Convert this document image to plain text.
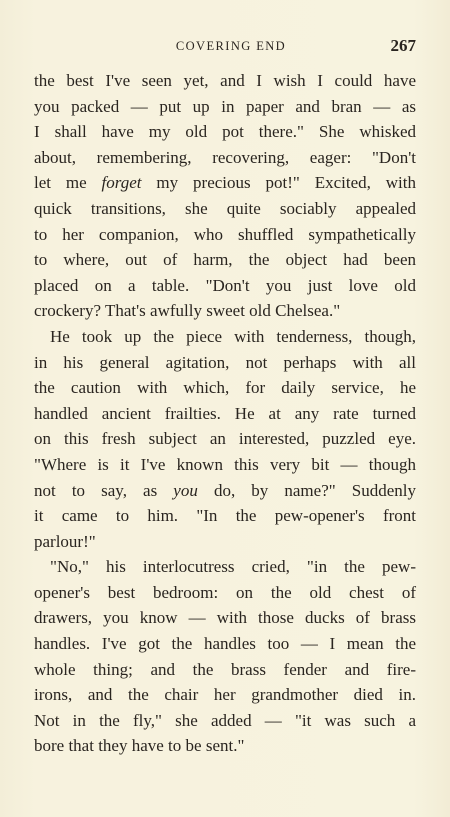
COVERING END	267
the best I've seen yet, and I wish I could have
you packed — put up in paper and bran — as
I shall have my old pot there." She whisked
about, remembering, recovering, eager: "Don't
let me forget my precious pot!" Excited, with
quick transitions, she quite sociably appealed
to her companion, who shuffled sympathetically
to where, out of harm, the object had been
placed on a table. "Don't you just love old
crockery? That's awfully sweet old Chelsea."
He took up the piece with tenderness, though,
in his general agitation, not perhaps with all
the caution with which, for daily service, he
handled ancient frailties. He at any rate turned
on this fresh subject an interested, puzzled eye.
"Where is it I've known this very bit — though
not to say, as you do, by name?" Suddenly
it came to him. "In the pew-opener's front
parlour!"
"No," his interlocutress cried, "in the pew-
opener's best bedroom: on the old chest of
drawers, you know — with those ducks of brass
handles. I've got the handles too — I mean the
whole thing; and the brass fender and fire-
irons, and the chair her grandmother died in.
Not in the fly," she added — "it was such a
bore that they have to be sent."
